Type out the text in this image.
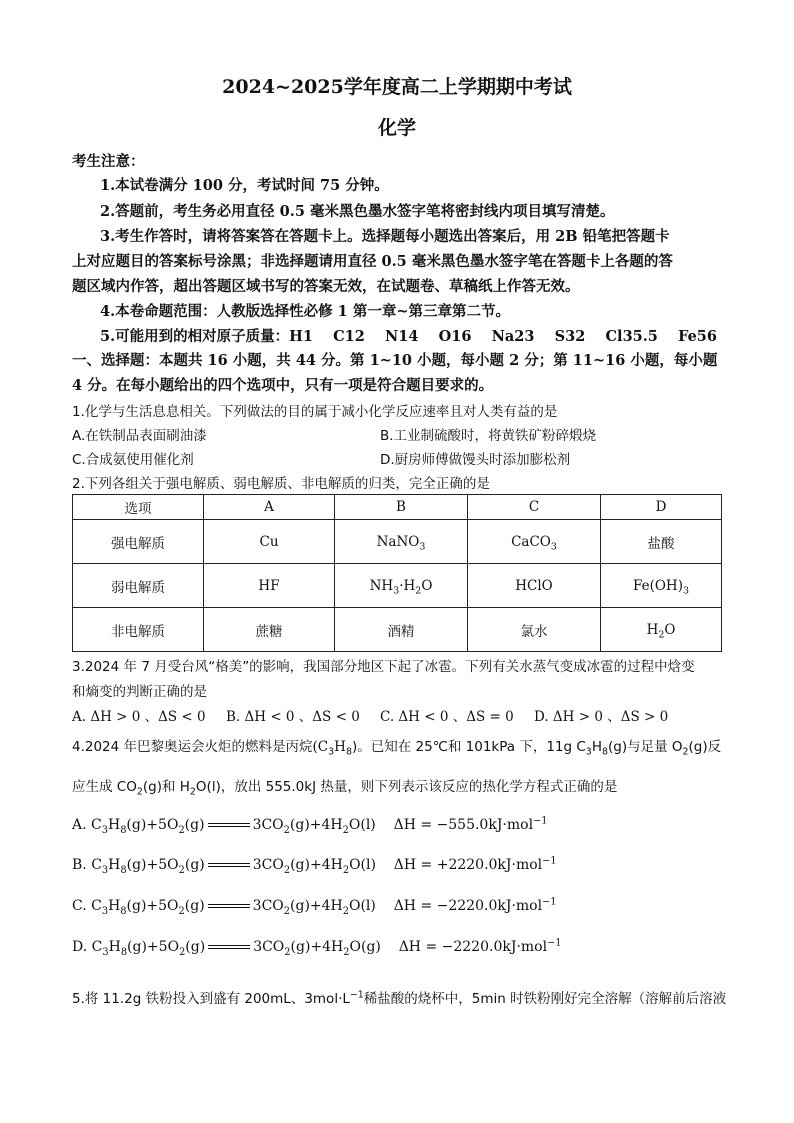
2024~2025学年度高二上学期期中考试
化学
考生注意：
1.本试卷满分 100 分，考试时间 75 分钟。
2.答题前，考生务必用直径 0.5 毫米黑色墨水签字笔将密封线内项目填写清楚。
3.考生作答时，请将答案答在答题卡上。选择题每小题选出答案后，用 2B 铅笔把答题卡
上对应题目的答案标号涂黑；非选择题请用直径 0.5 毫米黑色墨水签字笔在答题卡上各题的答
题区域内作答，超出答题区域书写的答案无效，在试题卷、草稿纸上作答无效。
4.本卷命题范围：人教版选择性必修 1 第一章~第三章第二节。
5.可能用到的相对原子质量：H1    C12    N14    O16    Na23    S32    Cl35.5    Fe56
一、选择题：本题共 16 小题，共 44 分。第 1~10 小题，每小题 2 分；第 11~16 小题，每小题
4 分。在每小题给出的四个选项中，只有一项是符合题目要求的。
1.化学与生活息息相关。下列做法的目的属于减小化学反应速率且对人类有益的是
A.在铁制品表面刷油漆	B.工业制硫酸时，将黄铁矿粉碎煅烧
C.合成氨使用催化剂	D.厨房师傅做馒头时添加膨松剂
2.下列各组关于强电解质、弱电解质、非电解质的归类，完全正确的是
选项	A	B	C	D
强电解质	Cu	NaNO$_3$	CaCO$_3$	盐酸
弱电解质	HF	$NH_3\cdot H_2O$	HClO	$Fe(OH)_3$
非电解质	蔗糖	酒精	氯水	$H_2O$
3.2024 年 7 月受台风“格美”的影响，我国部分地区下起了冰雹。下列有关水蒸气变成冰雹的过程中焓变
和熵变的判断正确的是
A. ΔH > 0 、ΔS < 0 B. ΔH < 0 、ΔS < 0 C. ΔH < 0 、ΔS = 0 D. ΔH > 0 、ΔS > 0
4.2024 年巴黎奥运会火炬的燃料是丙烷$(C_3H_8)$。已知在 25℃和 101kPa 下，11g $C_3H_8(g)$与足量 $O_2(g)$反
应生成 $CO_2(g)$和 $H_2O(l)$，放出 555.0kJ 热量，则下列表示该反应的热化学方程式正确的是
A. $C_3H_8(g)+5O_2(g)$	$3CO_2(g)+4H_2O(l) \Delta H = -555.0kJ\cdot mol^{-1}$
B. $C_3H_8(g)+5O_2(g)$	$3CO_2(g)+4H_2O(l) \Delta H = +2220.0kJ\cdot mol^{-1}$
C. $C_3H_8(g)+5O_2(g)$	$3CO_2(g)+4H_2O(l) \Delta H = -2220.0kJ\cdot mol^{-1}$
D. $C_3H_8(g)+5O_2(g)$	$3CO_2(g)+4H_2O(g) \Delta H = -2220.0kJ\cdot mol^{-1}$
5.将 11.2g 铁粉投入到盛有 200mL、$3mol\cdot L^{-1}$稀盐酸的烧杯中，5min 时铁粉刚好完全溶解（溶解前后溶液
